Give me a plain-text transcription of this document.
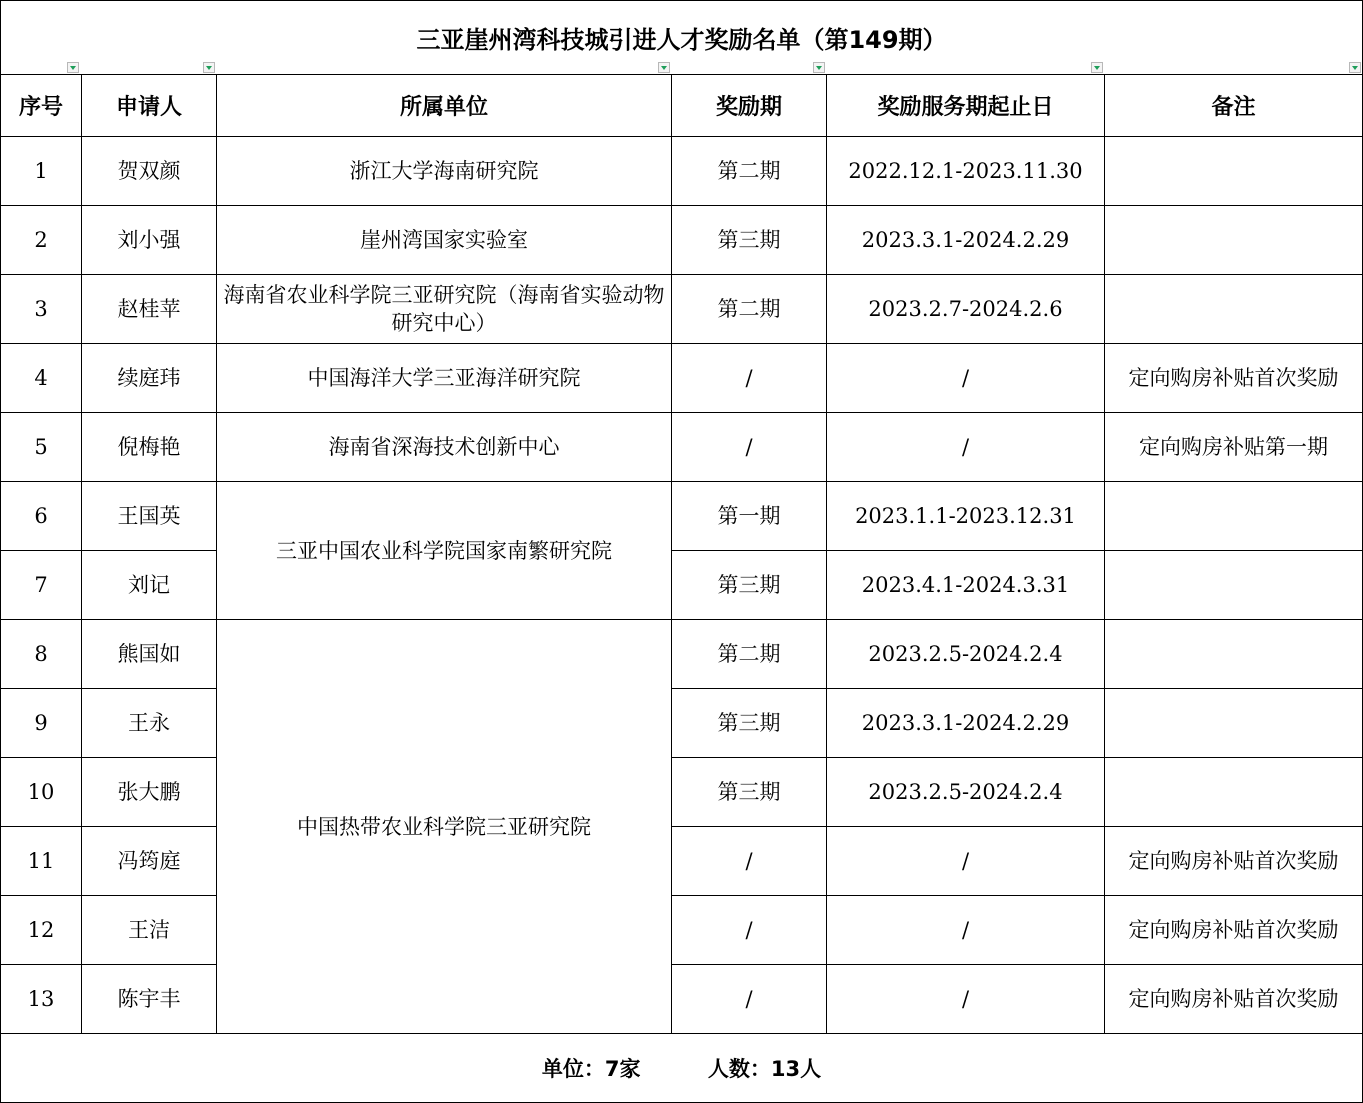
三亚崖州湾科技城引进人才奖励名单（第149期）					

序号	申请人	所属单位	奖励期	奖励服务期起止日	备注
1	贺双颜	浙江大学海南研究院	第二期	2022.12.1-2023.11.30	
2	刘小强	崖州湾国家实验室	第三期	2023.3.1-2024.2.29	
3	赵桂苹	海南省农业科学院三亚研究院（海南省实验动物研究中心）	第二期	2023.2.7-2024.2.6	
4	续庭玮	中国海洋大学三亚海洋研究院	/	/	定向购房补贴首次奖励
5	倪梅艳	海南省深海技术创新中心	/	/	定向购房补贴第一期
6	王国英	三亚中国农业科学院国家南繁研究院	第一期	2023.1.1-2023.12.31	
7	刘记		第三期	2023.4.1-2024.3.31	
8	熊国如	中国热带农业科学院三亚研究院	第二期	2023.2.5-2024.2.4	
9	王永		第三期	2023.3.1-2024.2.29	
10	张大鹏		第三期	2023.2.5-2024.2.4	
11	冯筠庭		/	/	定向购房补贴首次奖励
12	王洁		/	/	定向购房补贴首次奖励
13	陈宇丰		/	/	定向购房补贴首次奖励
单位：7家 人数：13人					
